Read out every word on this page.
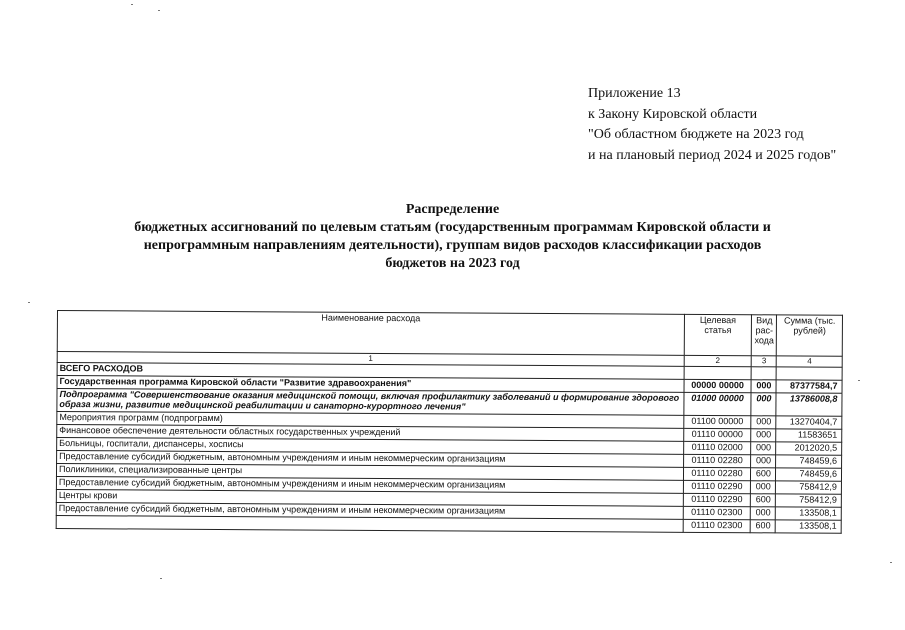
Приложение 13
к Закону Кировской области
"Об областном бюджете на 2023 год
и на плановый период 2024 и 2025 годов"
Распределение
бюджетных ассигнований по целевым статьям (государственным программам Кировской области и
непрограммным направлениям деятельности), группам видов расходов классификации расходов
бюджетов на 2023 год
Наименование расхода	Целевая статья	Вид рас-хода	Сумма (тыс. рублей)
1	2	3	4
ВСЕГО РАСХОДОВ			
Государственная программа Кировской области "Развитие здравоохранения"	00000 00000	000	87377584,7
Подпрограмма "Совершенствование оказания медицинской помощи, включая профилактику заболеваний и формирование здорового образа жизни, развитие медицинской реабилитации и санаторно-курортного лечения"	01000 00000	000	13786008,8
Мероприятия программ (подпрограмм)	01100 00000	000	13270404,7
Финансовое обеспечение деятельности областных государственных учреждений	01110 00000	000	11583651
Больницы, госпитали, диспансеры, хосписы	01110 02000	000	2012020,5
Предоставление субсидий бюджетным, автономным учреждениям и иным некоммерческим организациям	01110 02280	000	748459,6
Поликлиники, специализированные центры	01110 02280	600	748459,6
Предоставление субсидий бюджетным, автономным учреждениям и иным некоммерческим организациям	01110 02290	000	758412,9
Центры крови	01110 02290	600	758412,9
Предоставление субсидий бюджетным, автономным учреждениям и иным некоммерческим организациям	01110 02300	000	133508,1
	01110 02300	600	133508,1
